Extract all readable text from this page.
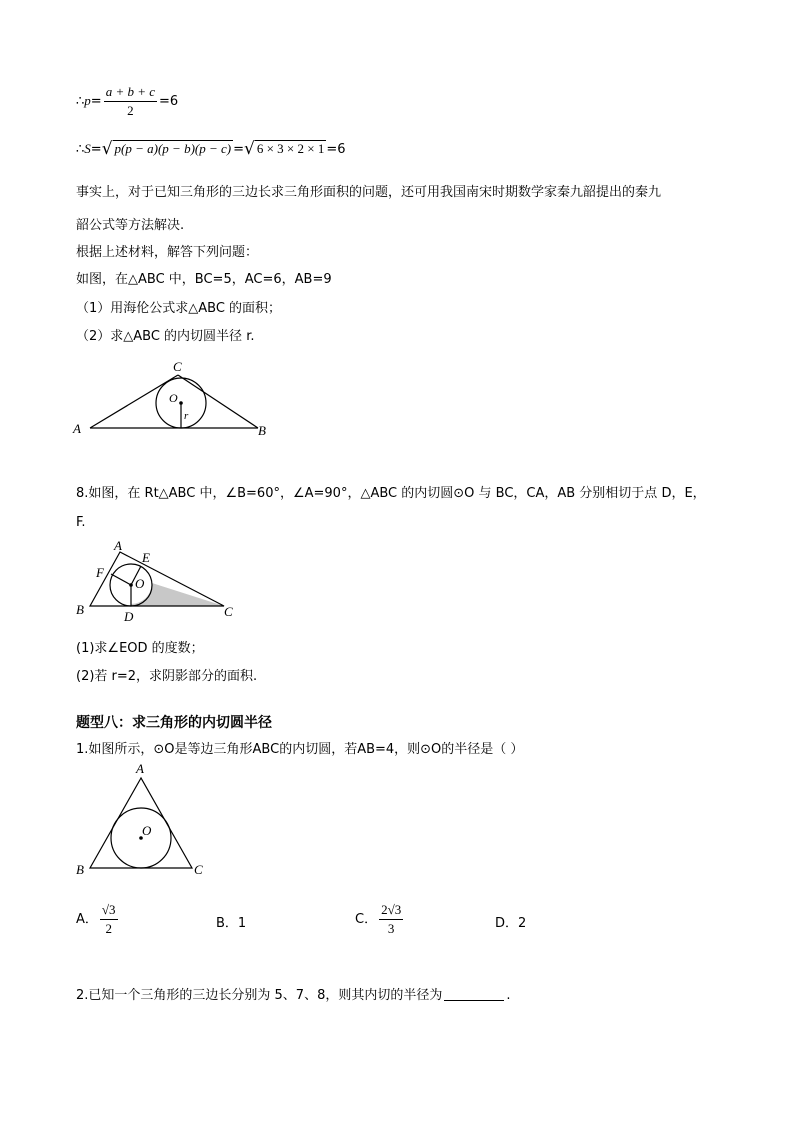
∴p= $\frac{a + b + c}{2} =6$
∴S=√ p(p − a)(p − b)(p − c) =√ 6 × 3 × 2 × 1 =6
事实上，对于已知三角形的三边长求三角形面积的问题，还可用我国南宋时期数学家秦九韶提出的秦九
韶公式等方法解决.
根据上述材料，解答下列问题：
如图，在△ABC 中，BC=5，AC=6，AB=9
（1）用海伦公式求△ABC 的面积；
（2）求△ABC 的内切圆半径 r.
A	B
C
O
r
8.如图，在 Rt△ABC 中，∠B=60°，∠A=90°，△ABC 的内切圆⊙O 与 BC，CA，AB 分别相切于点 D，E，
F.
A
E
F
O
B	D	C
(1)求∠EOD 的度数；
(2)若 r=2，求阴影部分的面积.
题型八：求三角形的内切圆半径
1.如图所示，⊙O是等边三角形ABC的内切圆，若AB=4，则⊙O的半径是（ ）
A
O
B	C
A． $\frac{√3}{2}$	B．1	C． $\frac{2√3}{3}$	D．2
2.已知一个三角形的三边长分别为 5、7、8，则其内切的半径为	.
